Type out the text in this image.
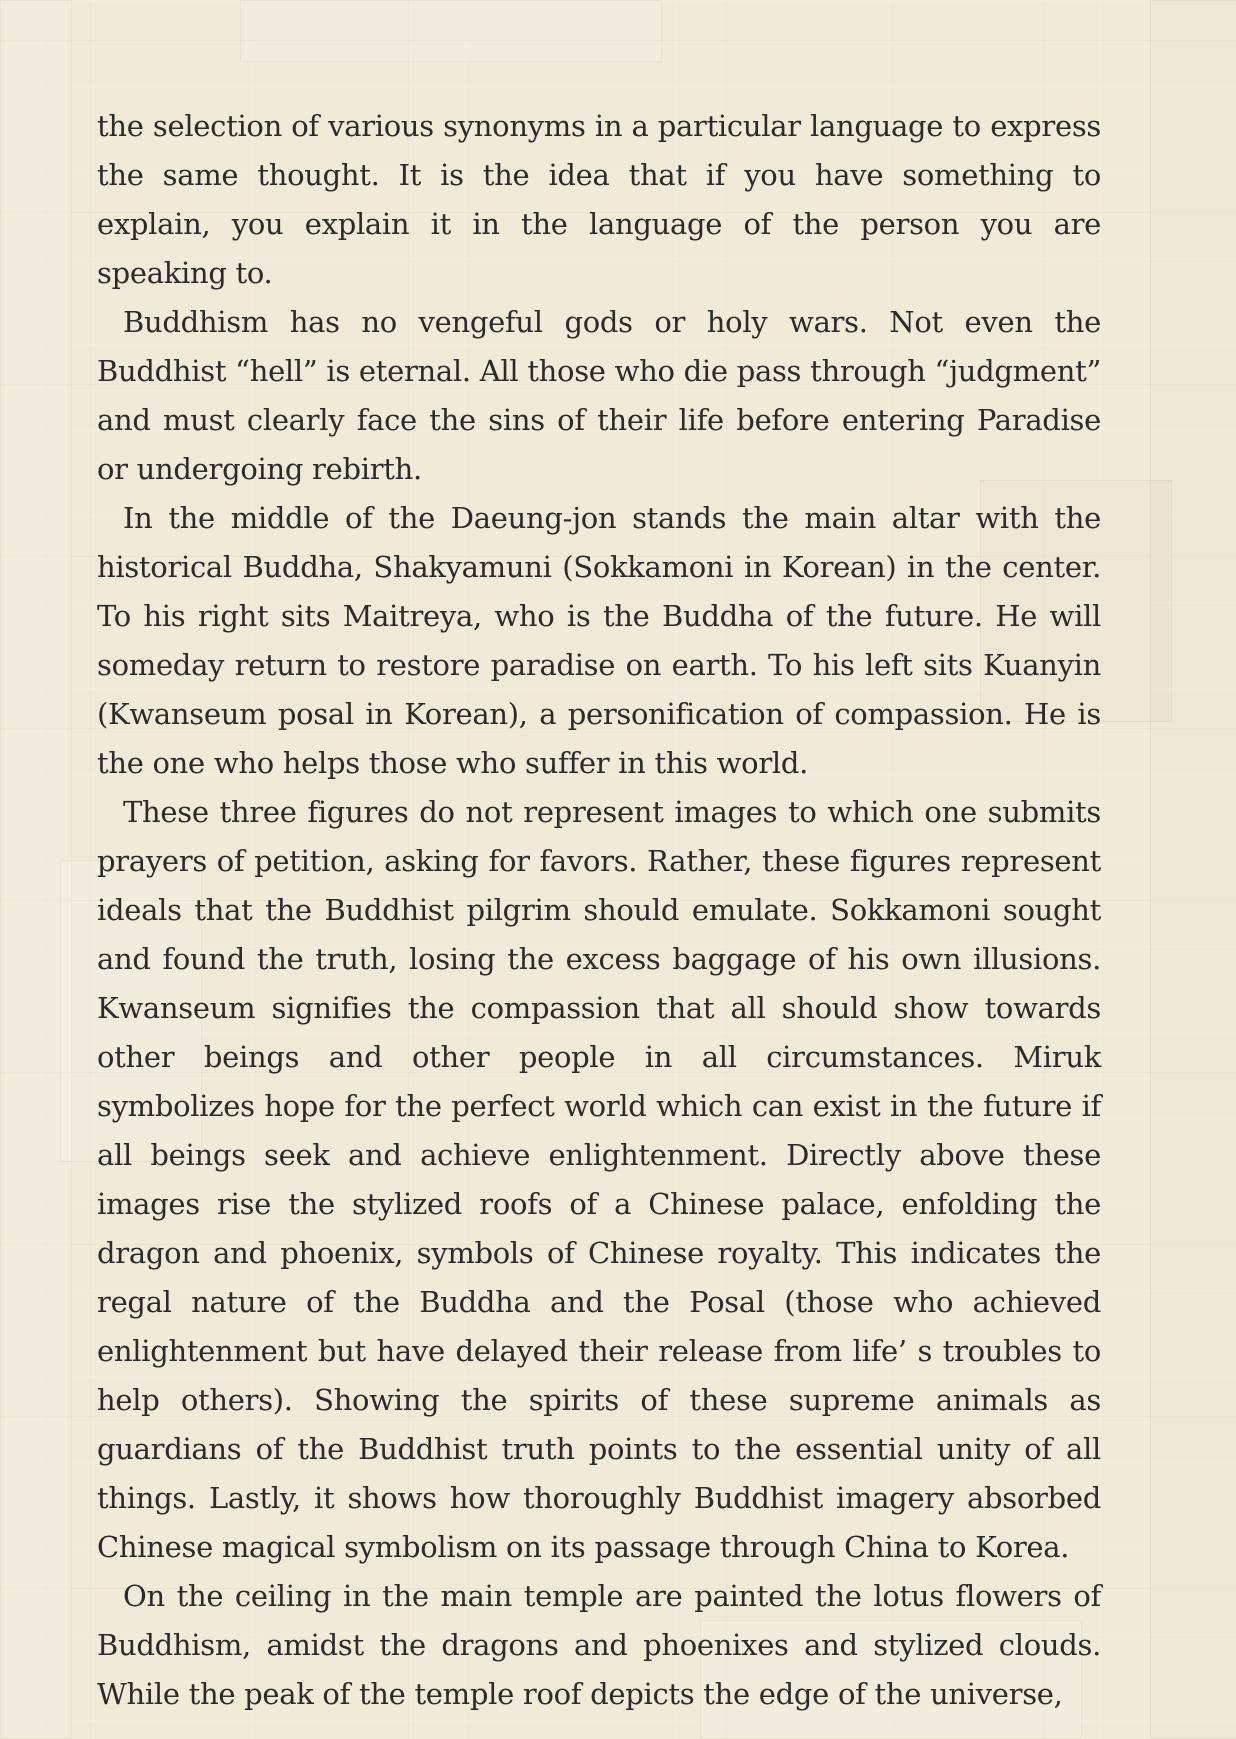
the selection of various synonyms in a particular language to express the same thought. It is the idea that if you have something to explain, you explain it in the language of the person you are speaking to.

Buddhism has no vengeful gods or holy wars. Not even the Buddhist “hell” is eternal. All those who die pass through “judgment” and must clearly face the sins of their life before entering Paradise or undergoing rebirth.

In the middle of the Daeung-jon stands the main altar with the historical Buddha, Shakyamuni (Sokkamoni in Korean) in the center. To his right sits Maitreya, who is the Buddha of the future. He will someday return to restore paradise on earth. To his left sits Kuanyin (Kwanseum posal in Korean), a personification of compassion. He is the one who helps those who suffer in this world.

These three figures do not represent images to which one submits prayers of petition, asking for favors. Rather, these figures represent ideals that the Buddhist pilgrim should emulate. Sokkamoni sought and found the truth, losing the excess baggage of his own illusions. Kwanseum signifies the compassion that all should show towards other beings and other people in all circumstances. Miruk symbolizes hope for the perfect world which can exist in the future if all beings seek and achieve enlightenment. Directly above these images rise the stylized roofs of a Chinese palace, enfolding the dragon and phoenix, symbols of Chinese royalty. This indicates the regal nature of the Buddha and the Posal (those who achieved enlightenment but have delayed their release from life’ s troubles to help others). Showing the spirits of these supreme animals as guardians of the Buddhist truth points to the essential unity of all things. Lastly, it shows how thoroughly Buddhist imagery absorbed Chinese magical symbolism on its passage through China to Korea.

On the ceiling in the main temple are painted the lotus flowers of Buddhism, amidst the dragons and phoenixes and stylized clouds. While the peak of the temple roof depicts the edge of the universe,
